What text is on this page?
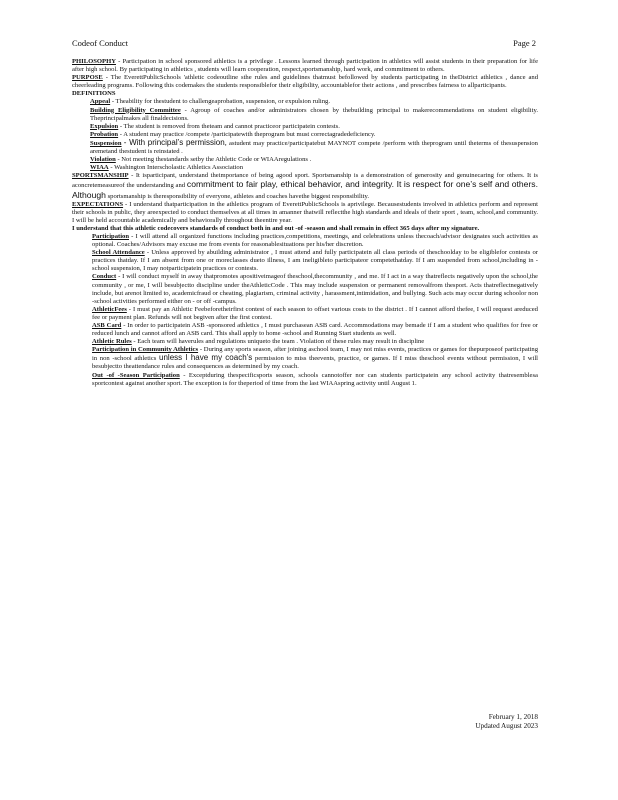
Codeof Conduct	Page 2

PHILOSOPHY - Participation in school sponsored athletics is a privilege . Lessons learned through participation in athletics will assist students in their preparation for life after high school. By participating in athletics , students will learn cooperation, respect,sportsmanship, hard work, and commitment to others.

PURPOSE - The EverettPublicSchools 'athletic codeoutline sthe rules and guidelines thatmust befollowed by students participating in theDistrict athletics , dance and cheerleading programs. Following this codemakes the students responsiblefor their eligibility, accountablefor their actions , and prescribes fairness to allparticipants.

DEFINITIONS

Appeal - Theability for thestudent to challengeaprobation, suspension, or expulsion ruling.

Building Eligibility Committee - Agroup of coaches and/or administrators chosen by thebuilding principal to makerecommendations on student eligibility. Theprincipalmakes all finaldecisions.

Expulsion - The student is removed from theteam and cannot practiceor participatein contests.

Probation - A student may practice /compete /participatewith theprogram but must correctagradedeficiency.

Suspension - With principal’s permission, astudent may practice/participatebut MAYNOT compete /perform with theprogram until theterms of thesuspension aremetand thestudent is reinstated .

Violation - Not meeting thestandards setby the Athletic Code or WIAAregulations .

WIAA - Washington Interscholastic Athletics Association

SPORTSMANSHIP - It isparticipant, understand theimportance of being agood sport. Sportsmanship is a demonstration of generosity and genuinecaring for others. It is aconcretemeasureof the understanding and commitment to fair play, ethical behavior, and integrity. It is respect for one’s self and others. Although sportsmanship is theresponsibility of everyone, athletes and coaches havethe biggest responsibility.

EXPECTATIONS - I understand thatparticipation in the athletics program of EverettPublicSchools is aprivilege. Becausestudents involved in athletics perform and represent their schools in public, they areexpected to conduct themselves at all times in amanner thatwill reflectthe high standards and ideals of their sport , team, school,and community. I will be held accountable academically and behaviorally throughout theentire year.

I understand that this athletic codecovers standards of conduct both in and out -of -season and shall remain in effect 365 days after my signature.

Participation - I will attend all organized functions including practices,competitions, meetings, and celebrations unless thecoach/advisor designates such activities as optional. Coaches/Advisors may excuse me from events for reasonablesituations per his/her discretion.

School Attendance - Unless approved by abuilding administrator , I must attend and fully participatein all class periods of theschoolday to be eligiblefor contests or practices thatday. If I am absent from one or moreclasses dueto illness, I am ineligibleto participateor competethatday. If I am suspended from school,including in -school suspension, I may notparticipatein practices or contests.

Conduct - I will conduct myself in away thatpromotes apositiveimageof theschool,thecommunity , and me. If I act in a way thatreflects negatively upon the school,the community , or me, I will besubjectto discipline under theAthleticCode . This may include suspension or permanent removalfrom thesport. Acts thatreflectnegatively include, but arenot limited to, academicfraud or cheating, plagiarism, criminal activity , harassment,intimidation, and bullying. Such acts may occur during schoolor non -school activities performed either on - or off -campus.

AthleticFees - I must pay an Athletic Feebeforetheirfirst contest of each season to offset various costs to the district . If I cannot afford thefee, I will request areduced fee or payment plan. Refunds will not begiven after the first contest.

ASB Card - In order to participatein ASB -sponsored athletics , I must purchasean ASB card. Accommodations may bemade if I am a student who qualifies for free or reduced lunch and cannot afford an ASB card. This shall apply to home -school and Running Start students as well.

Athletic Rules - Each team will haverules and regulations uniqueto the team . Violation of these rules may result in discipline

Participation in Community Athletics - During any sports season, after joining aschool team, I may not miss events, practices or games for thepurposeof participating in non -school athletics unless I have my coach’s permission to miss theevents, practice, or games. If I miss theschool events without permission, I will besubjectto theattendance rules and consequences as determined by my coach.

Out -of -Season Participation - Exceptduring thespecificsports season, schools cannotoffer nor can students participatein any school activity thatresemblesa sportcontest against another sport. The exception is for theperiod of time from the last WIAAspring activity until August 1.

February 1, 2018
Updated August 2023
